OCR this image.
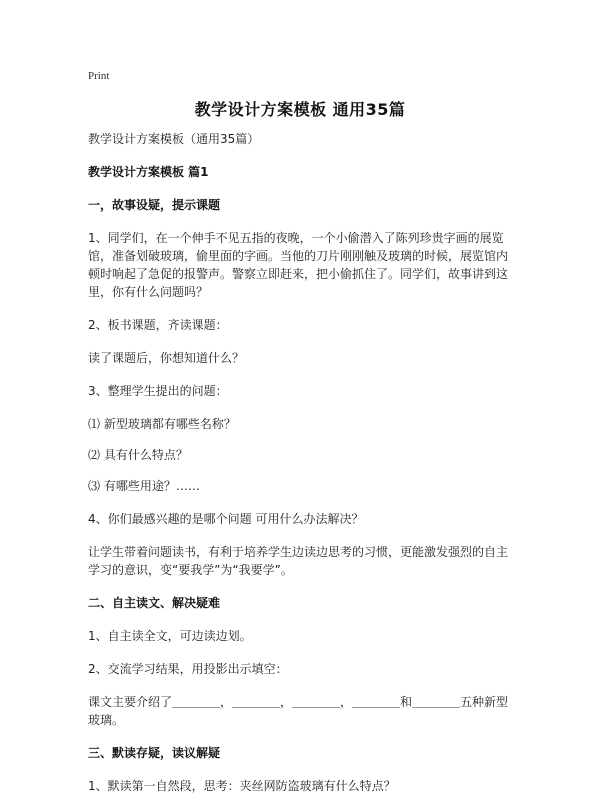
Print
教学设计方案模板 通用35篇
教学设计方案模板（通用35篇）
教学设计方案模板 篇1
一，故事设疑，提示课题
1、同学们，在一个伸手不见五指的夜晚，一个小偷潜入了陈列珍贵字画的展览馆，准备划破玻璃，偷里面的字画。当他的刀片刚刚触及玻璃的时候，展览馆内顿时响起了急促的报警声。警察立即赶来，把小偷抓住了。同学们，故事讲到这里，你有什么问题吗？
2、板书课题，齐读课题：
读了课题后，你想知道什么？
3、整理学生提出的问题：
⑴ 新型玻璃都有哪些名称？
⑵ 具有什么特点？
⑶ 有哪些用途？……
4、你们最感兴趣的是哪个问题 可用什么办法解决？
让学生带着问题读书，有利于培养学生边读边思考的习惯，更能激发强烈的自主学习的意识，变“要我学”为“我要学”。
二、自主读文、解决疑难
1、自主读全文，可边读边划。
2、交流学习结果，用投影出示填空：
课文主要介绍了＿＿＿＿，＿＿＿＿，＿＿＿＿，＿＿＿＿和＿＿＿＿五种新型玻璃。
三、默读存疑，读议解疑
1、默读第一自然段，思考：夹丝网防盗玻璃有什么特点？
